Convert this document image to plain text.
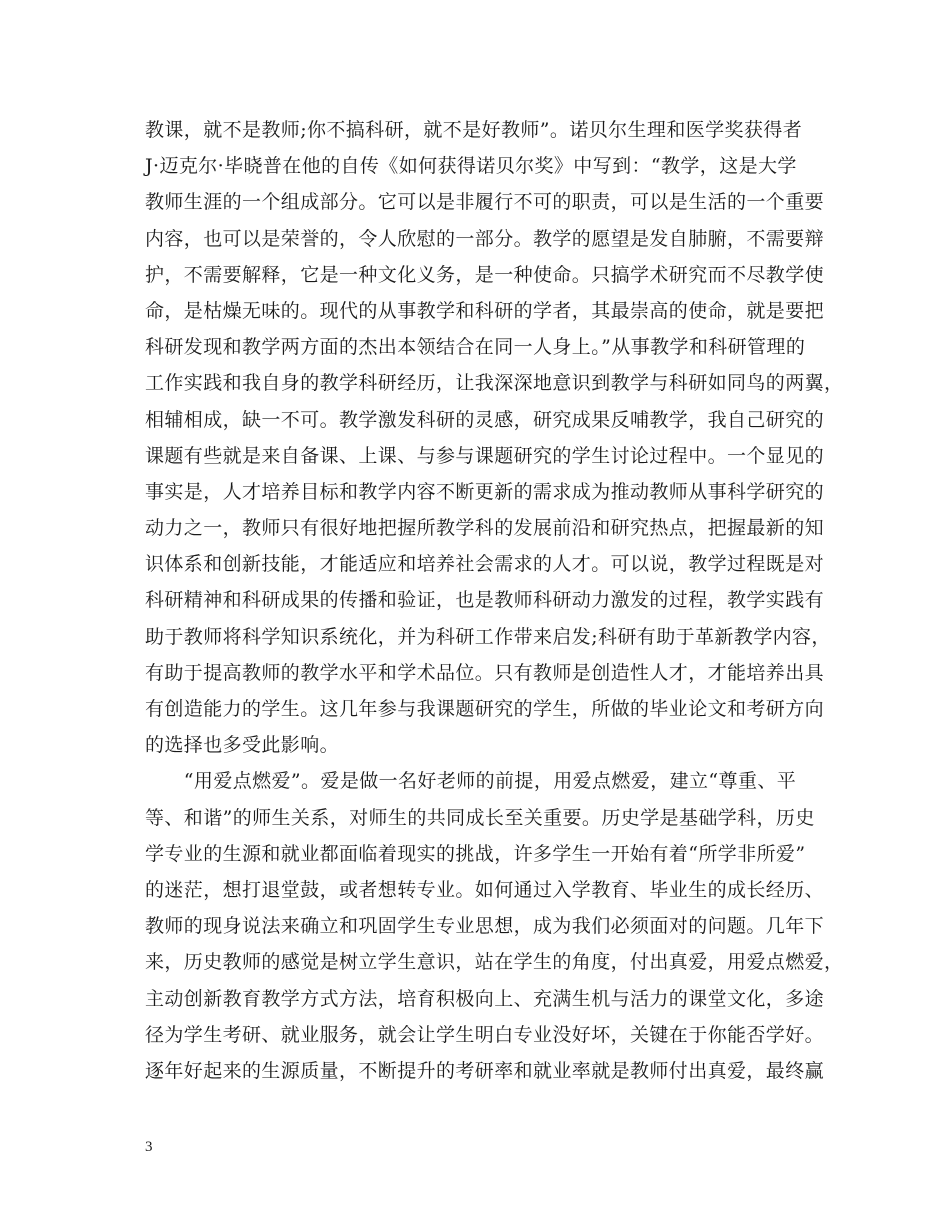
教课，就不是教师;你不搞科研，就不是好教师”。诺贝尔生理和医学奖获得者
J·迈克尔·毕晓普在他的自传《如何获得诺贝尔奖》中写到：“教学，这是大学
教师生涯的一个组成部分。它可以是非履行不可的职责，可以是生活的一个重要
内容，也可以是荣誉的，令人欣慰的一部分。教学的愿望是发自肺腑，不需要辩
护，不需要解释，它是一种文化义务，是一种使命。只搞学术研究而不尽教学使
命，是枯燥无味的。现代的从事教学和科研的学者，其最崇高的使命，就是要把
科研发现和教学两方面的杰出本领结合在同一人身上。”从事教学和科研管理的
工作实践和我自身的教学科研经历，让我深深地意识到教学与科研如同鸟的两翼，
相辅相成，缺一不可。教学激发科研的灵感，研究成果反哺教学，我自己研究的
课题有些就是来自备课、上课、与参与课题研究的学生讨论过程中。一个显见的
事实是，人才培养目标和教学内容不断更新的需求成为推动教师从事科学研究的
动力之一，教师只有很好地把握所教学科的发展前沿和研究热点，把握最新的知
识体系和创新技能，才能适应和培养社会需求的人才。可以说，教学过程既是对
科研精神和科研成果的传播和验证，也是教师科研动力激发的过程，教学实践有
助于教师将科学知识系统化，并为科研工作带来启发;科研有助于革新教学内容，
有助于提高教师的教学水平和学术品位。只有教师是创造性人才，才能培养出具
有创造能力的学生。这几年参与我课题研究的学生，所做的毕业论文和考研方向
的选择也多受此影响。
　　“用爱点燃爱”。爱是做一名好老师的前提，用爱点燃爱，建立“尊重、平
等、和谐”的师生关系，对师生的共同成长至关重要。历史学是基础学科，历史
学专业的生源和就业都面临着现实的挑战，许多学生一开始有着“所学非所爱”
的迷茫，想打退堂鼓，或者想转专业。如何通过入学教育、毕业生的成长经历、
教师的现身说法来确立和巩固学生专业思想，成为我们必须面对的问题。几年下
来，历史教师的感觉是树立学生意识，站在学生的角度，付出真爱，用爱点燃爱，
主动创新教育教学方式方法，培育积极向上、充满生机与活力的课堂文化，多途
径为学生考研、就业服务，就会让学生明白专业没好坏，关键在于你能否学好。
逐年好起来的生源质量，不断提升的考研率和就业率就是教师付出真爱，最终赢
3
